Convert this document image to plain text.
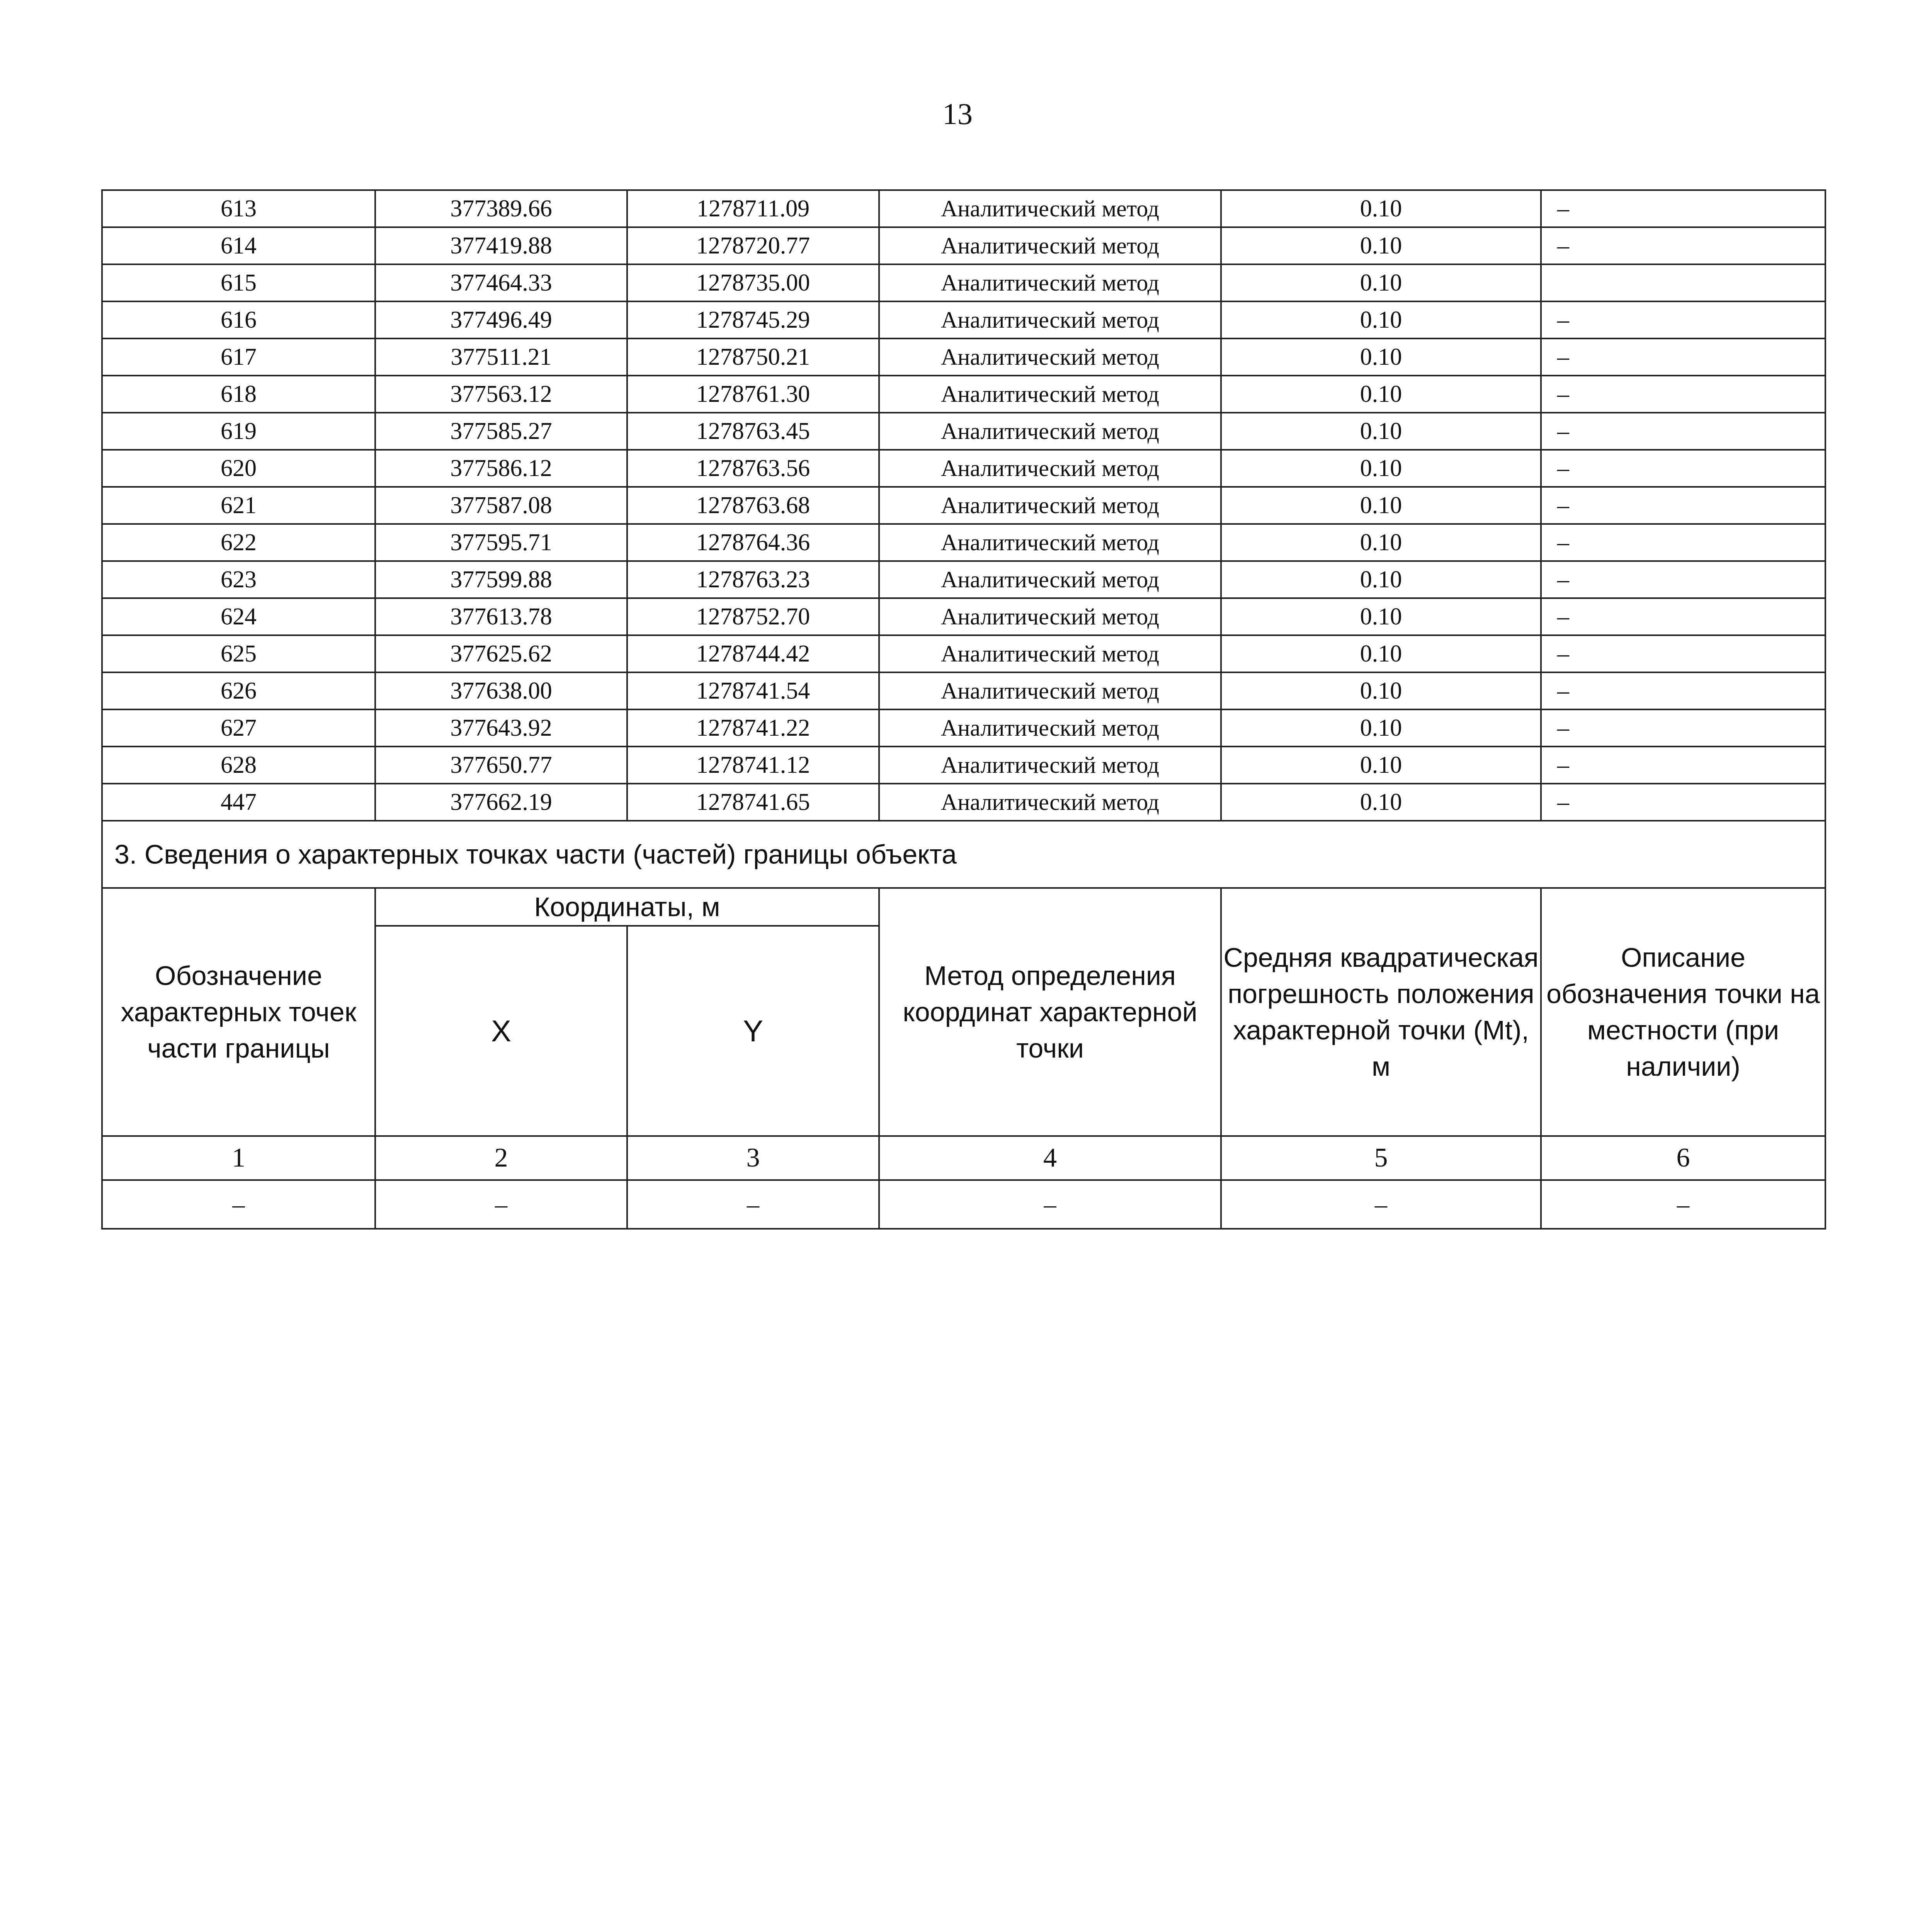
13
613	377389.66	1278711.09	Аналитический метод	0.10	–
614	377419.88	1278720.77	Аналитический метод	0.10	–
615	377464.33	1278735.00	Аналитический метод	0.10	
616	377496.49	1278745.29	Аналитический метод	0.10	–
617	377511.21	1278750.21	Аналитический метод	0.10	–
618	377563.12	1278761.30	Аналитический метод	0.10	–
619	377585.27	1278763.45	Аналитический метод	0.10	–
620	377586.12	1278763.56	Аналитический метод	0.10	–
621	377587.08	1278763.68	Аналитический метод	0.10	–
622	377595.71	1278764.36	Аналитический метод	0.10	–
623	377599.88	1278763.23	Аналитический метод	0.10	–
624	377613.78	1278752.70	Аналитический метод	0.10	–
625	377625.62	1278744.42	Аналитический метод	0.10	–
626	377638.00	1278741.54	Аналитический метод	0.10	–
627	377643.92	1278741.22	Аналитический метод	0.10	–
628	377650.77	1278741.12	Аналитический метод	0.10	–
447	377662.19	1278741.65	Аналитический метод	0.10	–
3. Сведения о характерных точках части (частей) границы объекта					
Обозначение характерных точек части границы	Координаты, м		Метод определения координат характерной точки	Средняя квадратическая погрешность положения характерной точки (Мt), м	Описание обозначения точки на местности (при наличии)
	X	Y			
1	2	3	4	5	6
–	–	–	–	–	–
